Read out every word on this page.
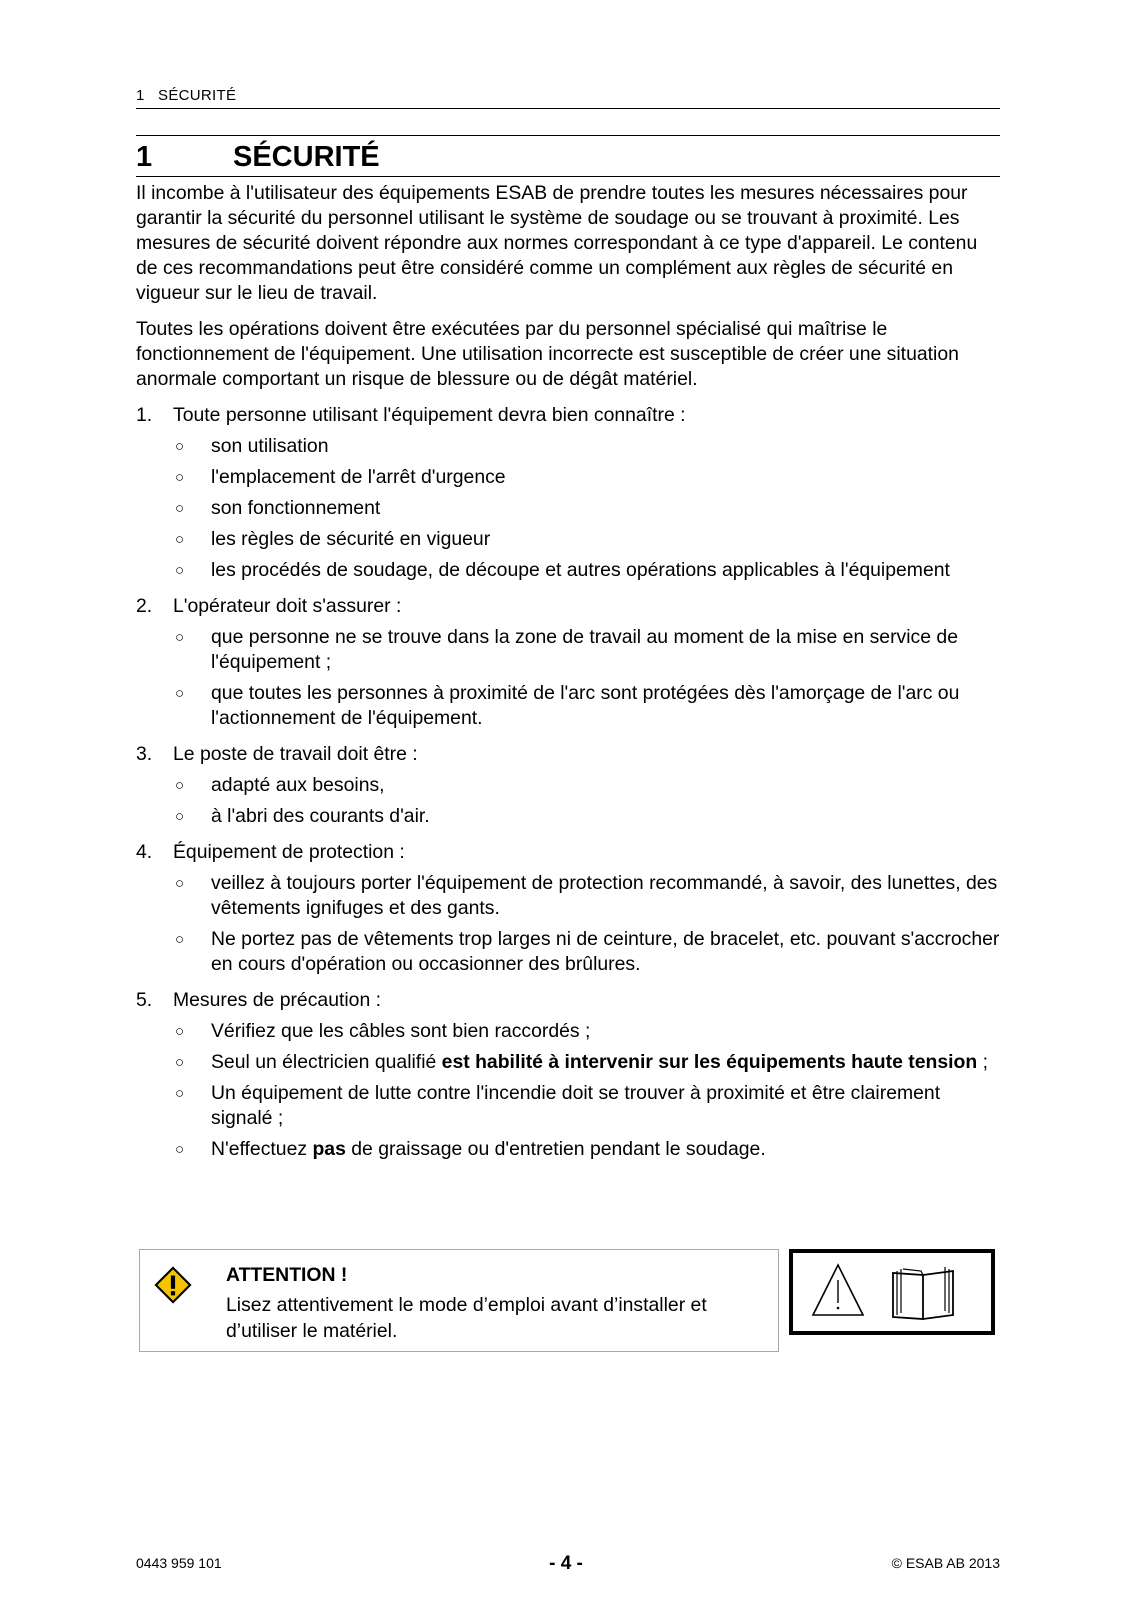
1   SÉCURITÉ
1	SÉCURITÉ

Il incombe à l'utilisateur des équipements ESAB de prendre toutes les mesures nécessaires pour garantir la sécurité du personnel utilisant le système de soudage ou se trouvant à proximité. Les mesures de sécurité doivent répondre aux normes correspondant à ce type d'appareil. Le contenu de ces recommandations peut être considéré comme un complément aux règles de sécurité en vigueur sur le lieu de travail.

Toutes les opérations doivent être exécutées par du personnel spécialisé qui maîtrise le fonctionnement de l'équipement. Une utilisation incorrecte est susceptible de créer une situation anormale comportant un risque de blessure ou de dégât matériel.

1. Toute personne utilisant l'équipement devra bien connaître :
○ son utilisation
○ l'emplacement de l'arrêt d'urgence
○ son fonctionnement
○ les règles de sécurité en vigueur
○ les procédés de soudage, de découpe et autres opérations applicables à l'équipement
2. L'opérateur doit s'assurer :
○ que personne ne se trouve dans la zone de travail au moment de la mise en service de l'équipement ;
○ que toutes les personnes à proximité de l'arc sont protégées dès l'amorçage de l'arc ou l'actionnement de l'équipement.
3. Le poste de travail doit être :
○ adapté aux besoins,
○ à l'abri des courants d'air.
4. Équipement de protection :
○ veillez à toujours porter l'équipement de protection recommandé, à savoir, des lunettes, des vêtements ignifuges et des gants.
○ Ne portez pas de vêtements trop larges ni de ceinture, de bracelet, etc. pouvant s'accrocher en cours d'opération ou occasionner des brûlures.
5. Mesures de précaution :
○ Vérifiez que les câbles sont bien raccordés ;
○ Seul un électricien qualifié est habilité à intervenir sur les équipements haute tension ;
○ Un équipement de lutte contre l'incendie doit se trouver à proximité et être clairement signalé ;
○ N'effectuez pas de graissage ou d'entretien pendant le soudage.
ATTENTION !
Lisez attentivement le mode d’emploi avant d’installer et d’utiliser le matériel.
0443 959 101	- 4 -	© ESAB AB 2013
